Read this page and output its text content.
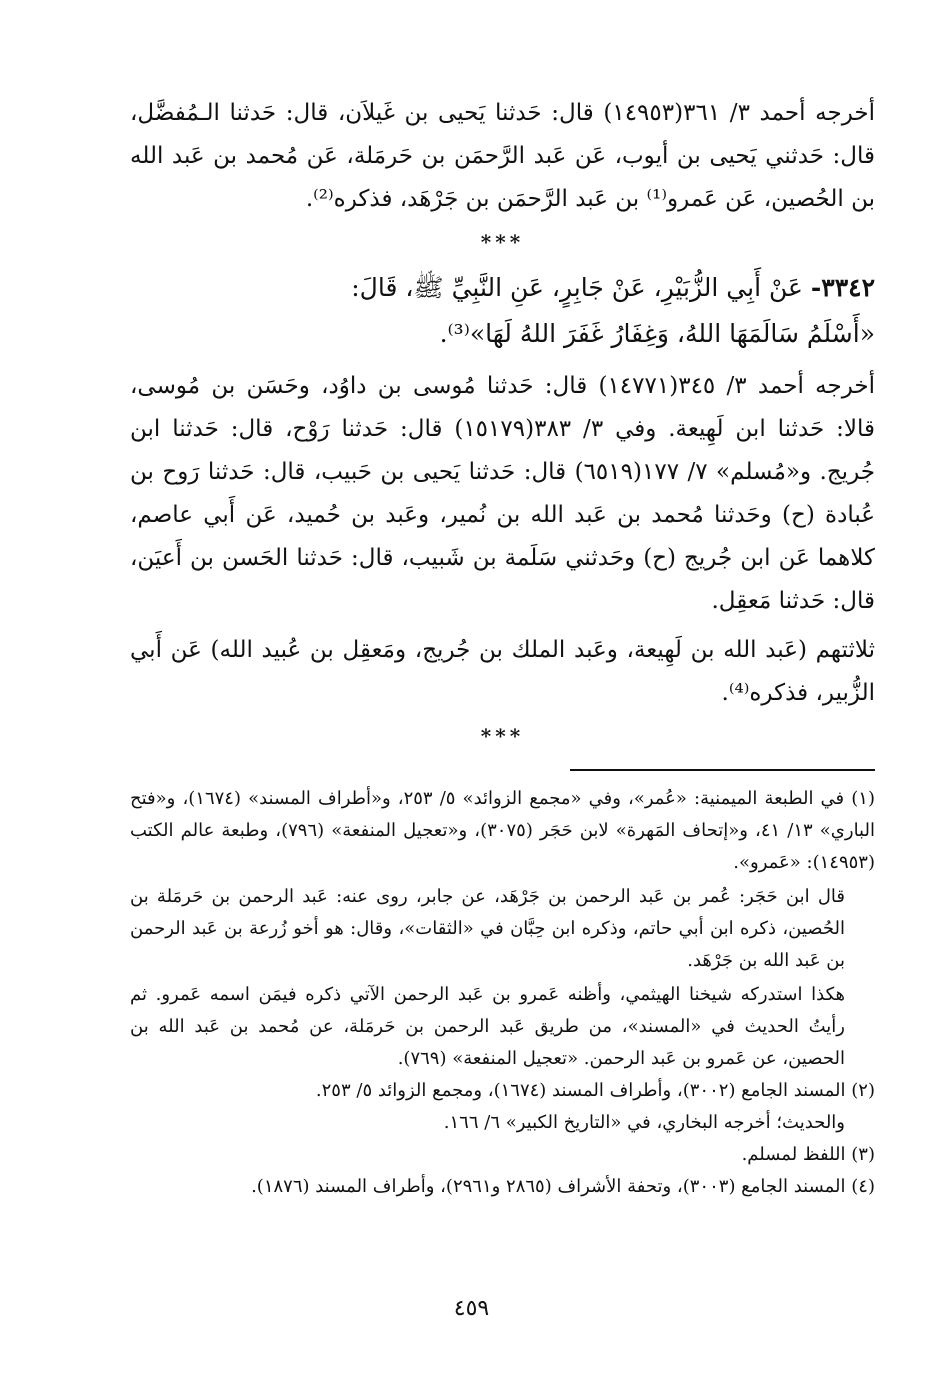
أخرجه أحمد ٣/ ٣٦١(١٤٩٥٣) قال: حَدثنا يَحيى بن غَيلاَن، قال: حَدثنا الـمُفضَّل، قال: حَدثني يَحيى بن أيوب، عَن عَبد الرَّحمَن بن حَرمَلة، عَن مُحمد بن عَبد الله بن الحُصين، عَن عَمرو⁽¹⁾ بن عَبد الرَّحمَن بن جَرْهَد، فذكره⁽²⁾.

***
٣٣٤٢- عَنْ أَبِي الزُّبَيْرِ، عَنْ جَابِرٍ، عَنِ النَّبِيِّ ﷺ، قَالَ:
«أَسْلَمُ سَالَمَهَا اللهُ، وَغِفَارُ غَفَرَ اللهُ لَهَا»⁽³⁾.

أخرجه أحمد ٣/ ٣٤٥(١٤٧٧١) قال: حَدثنا مُوسى بن داوُد، وحَسَن بن مُوسى، قالا: حَدثنا ابن لَهِيعة. وفي ٣/ ٣٨٣(١٥١٧٩) قال: حَدثنا رَوْح، قال: حَدثنا ابن جُريج. و«مُسلم» ٧/ ١٧٧(٦٥١٩) قال: حَدثنا يَحيى بن حَبيب، قال: حَدثنا رَوح بن عُبادة (ح) وحَدثنا مُحمد بن عَبد الله بن نُمير، وعَبد بن حُميد، عَن أَبي عاصم، كلاهما عَن ابن جُريج (ح) وحَدثني سَلَمة بن شَبيب، قال: حَدثنا الحَسن بن أَعيَن، قال: حَدثنا مَعقِل.

ثلاثتهم (عَبد الله بن لَهِيعة، وعَبد الملك بن جُريج، ومَعقِل بن عُبيد الله) عَن أَبي الزُّبير، فذكره⁽⁴⁾.

***

(١) في الطبعة الميمنية: «عُمر»، وفي «مجمع الزوائد» ٥/ ٢٥٣، و«أطراف المسند» (١٦٧٤)، و«فتح الباري» ١٣/ ٤١، و«إتحاف المَهرة» لابن حَجَر (٣٠٧٥)، و«تعجيل المنفعة» (٧٩٦)، وطبعة عالم الكتب (١٤٩٥٣): «عَمرو».

قال ابن حَجَر: عُمر بن عَبد الرحمن بن جَرْهَد، عن جابر، روى عنه: عَبد الرحمن بن حَرمَلة بن الحُصين، ذكره ابن أبي حاتم، وذكره ابن حِبَّان في «الثقات»، وقال: هو أخو زُرعة بن عَبد الرحمن بن عَبد الله بن جَرْهَد.

هكذا استدركه شيخنا الهيثمي، وأظنه عَمرو بن عَبد الرحمن الآتي ذكره فيمَن اسمه عَمرو. ثم رأيتُ الحديث في «المسند»، من طريق عَبد الرحمن بن حَرمَلة، عن مُحمد بن عَبد الله بن الحصين، عن عَمرو بن عَبد الرحمن. «تعجيل المنفعة» (٧٦٩).

(٢) المسند الجامع (٣٠٠٢)، وأطراف المسند (١٦٧٤)، ومجمع الزوائد ٥/ ٢٥٣.

والحديث؛ أخرجه البخاري، في «التاريخ الكبير» ٦/ ١٦٦.

(٣) اللفظ لمسلم.

(٤) المسند الجامع (٣٠٠٣)، وتحفة الأشراف (٢٨٦٥ و٢٩٦١)، وأطراف المسند (١٨٧٦).

٤٥٩
